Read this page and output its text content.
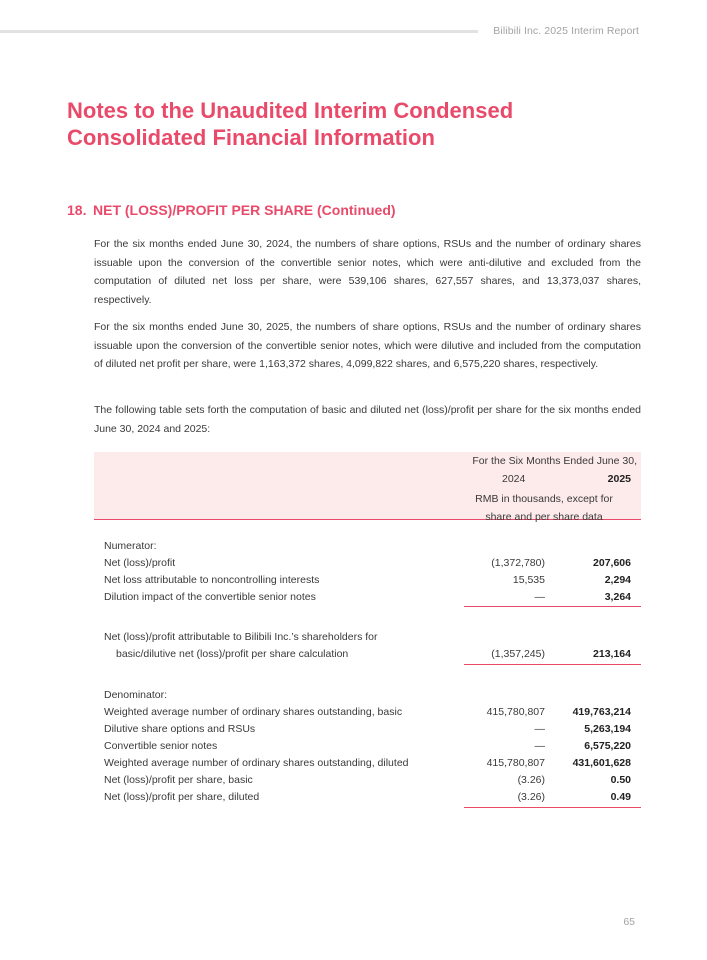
Bilibili Inc. 2025 Interim Report
Notes to the Unaudited Interim Condensed Consolidated Financial Information
18. NET (LOSS)/PROFIT PER SHARE (Continued)

For the six months ended June 30, 2024, the numbers of share options, RSUs and the number of ordinary shares issuable upon the conversion of the convertible senior notes, which were anti-dilutive and excluded from the computation of diluted net loss per share, were 539,106 shares, 627,557 shares, and 13,373,037 shares, respectively.

For the six months ended June 30, 2025, the numbers of share options, RSUs and the number of ordinary shares issuable upon the conversion of the convertible senior notes, which were dilutive and included from the computation of diluted net profit per share, were 1,163,372 shares, 4,099,822 shares, and 6,575,220 shares, respectively.

The following table sets forth the computation of basic and diluted net (loss)/profit per share for the six months ended June 30, 2024 and 2025:

For the Six Months Ended June 30,
2024	2025
RMB in thousands, except for
share and per share data
Numerator:
Net (loss)/profit	(1,372,780)	207,606
Net loss attributable to noncontrolling interests	15,535	2,294
Dilution impact of the convertible senior notes	—	3,264
Net (loss)/profit attributable to Bilibili Inc.’s shareholders for
basic/dilutive net (loss)/profit per share calculation	(1,357,245)	213,164
Denominator:
Weighted average number of ordinary shares outstanding, basic	415,780,807	419,763,214
Dilutive share options and RSUs	—	5,263,194
Convertible senior notes	—	6,575,220
Weighted average number of ordinary shares outstanding, diluted	415,780,807	431,601,628
Net (loss)/profit per share, basic	(3.26)	0.50
Net (loss)/profit per share, diluted	(3.26)	0.49
65
